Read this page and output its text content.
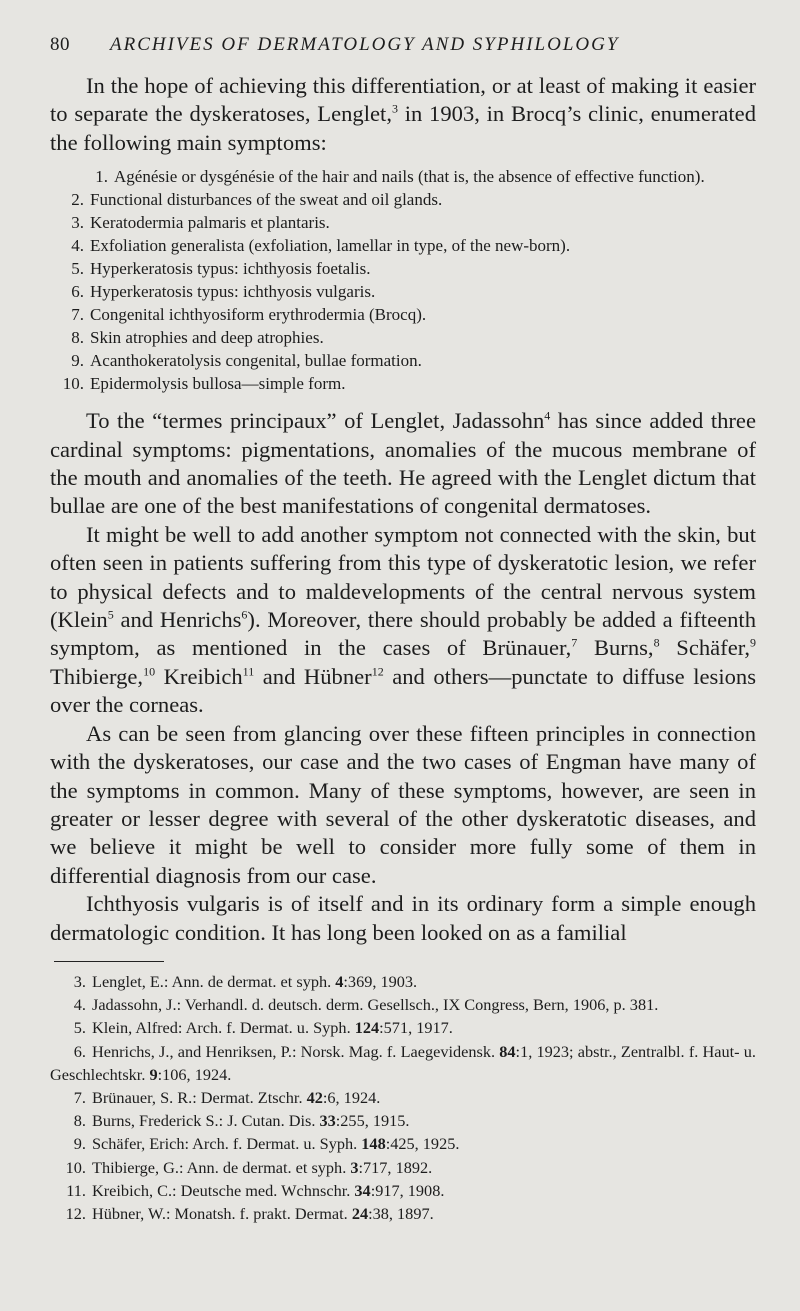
80	ARCHIVES OF DERMATOLOGY AND SYPHILOLOGY

In the hope of achieving this differentiation, or at least of making it easier to separate the dyskeratoses, Lenglet,$^3$ in 1903, in Brocq’s clinic, enumerated the following main symptoms:

1. Agénésie or dysgénésie of the hair and nails (that is, the absence of effective function).
2. Functional disturbances of the sweat and oil glands.
3. Keratodermia palmaris et plantaris.
4. Exfoliation generalista (exfoliation, lamellar in type, of the new-born).
5. Hyperkeratosis typus: ichthyosis foetalis.
6. Hyperkeratosis typus: ichthyosis vulgaris.
7. Congenital ichthyosiform erythrodermia (Brocq).
8. Skin atrophies and deep atrophies.
9. Acanthokeratolysis congenital, bullae formation.
10. Epidermolysis bullosa—simple form.

To the “termes principaux” of Lenglet, Jadassohn$^4$ has since added three cardinal symptoms: pigmentations, anomalies of the mucous membrane of the mouth and anomalies of the teeth. He agreed with the Lenglet dictum that bullae are one of the best manifestations of congenital dermatoses.

It might be well to add another symptom not connected with the skin, but often seen in patients suffering from this type of dyskeratotic lesion, we refer to physical defects and to maldevelopments of the central nervous system (Klein$^5$ and Henrichs$^6$). Moreover, there should probably be added a fifteenth symptom, as mentioned in the cases of Brünauer,$^7$ Burns,$^8$ Schäfer,$^9$ Thibierge,$^{10}$ Kreibich$^{11}$ and Hübner$^{12}$ and others—punctate to diffuse lesions over the corneas.

As can be seen from glancing over these fifteen principles in connection with the dyskeratoses, our case and the two cases of Engman have many of the symptoms in common. Many of these symptoms, however, are seen in greater or lesser degree with several of the other dyskeratotic diseases, and we believe it might be well to consider more fully some of them in differential diagnosis from our case.

Ichthyosis vulgaris is of itself and in its ordinary form a simple enough dermatologic condition. It has long been looked on as a familial

3. Lenglet, E.: Ann. de dermat. et syph. 4:369, 1903.
4. Jadassohn, J.: Verhandl. d. deutsch. derm. Gesellsch., IX Congress, Bern, 1906, p. 381.
5. Klein, Alfred: Arch. f. Dermat. u. Syph. 124:571, 1917.
6. Henrichs, J., and Henriksen, P.: Norsk. Mag. f. Laegevidensk. 84:1, 1923; abstr., Zentralbl. f. Haut- u. Geschlechtskr. 9:106, 1924.
7. Brünauer, S. R.: Dermat. Ztschr. 42:6, 1924.
8. Burns, Frederick S.: J. Cutan. Dis. 33:255, 1915.
9. Schäfer, Erich: Arch. f. Dermat. u. Syph. 148:425, 1925.
10. Thibierge, G.: Ann. de dermat. et syph. 3:717, 1892.
11. Kreibich, C.: Deutsche med. Wchnschr. 34:917, 1908.
12. Hübner, W.: Monatsh. f. prakt. Dermat. 24:38, 1897.
